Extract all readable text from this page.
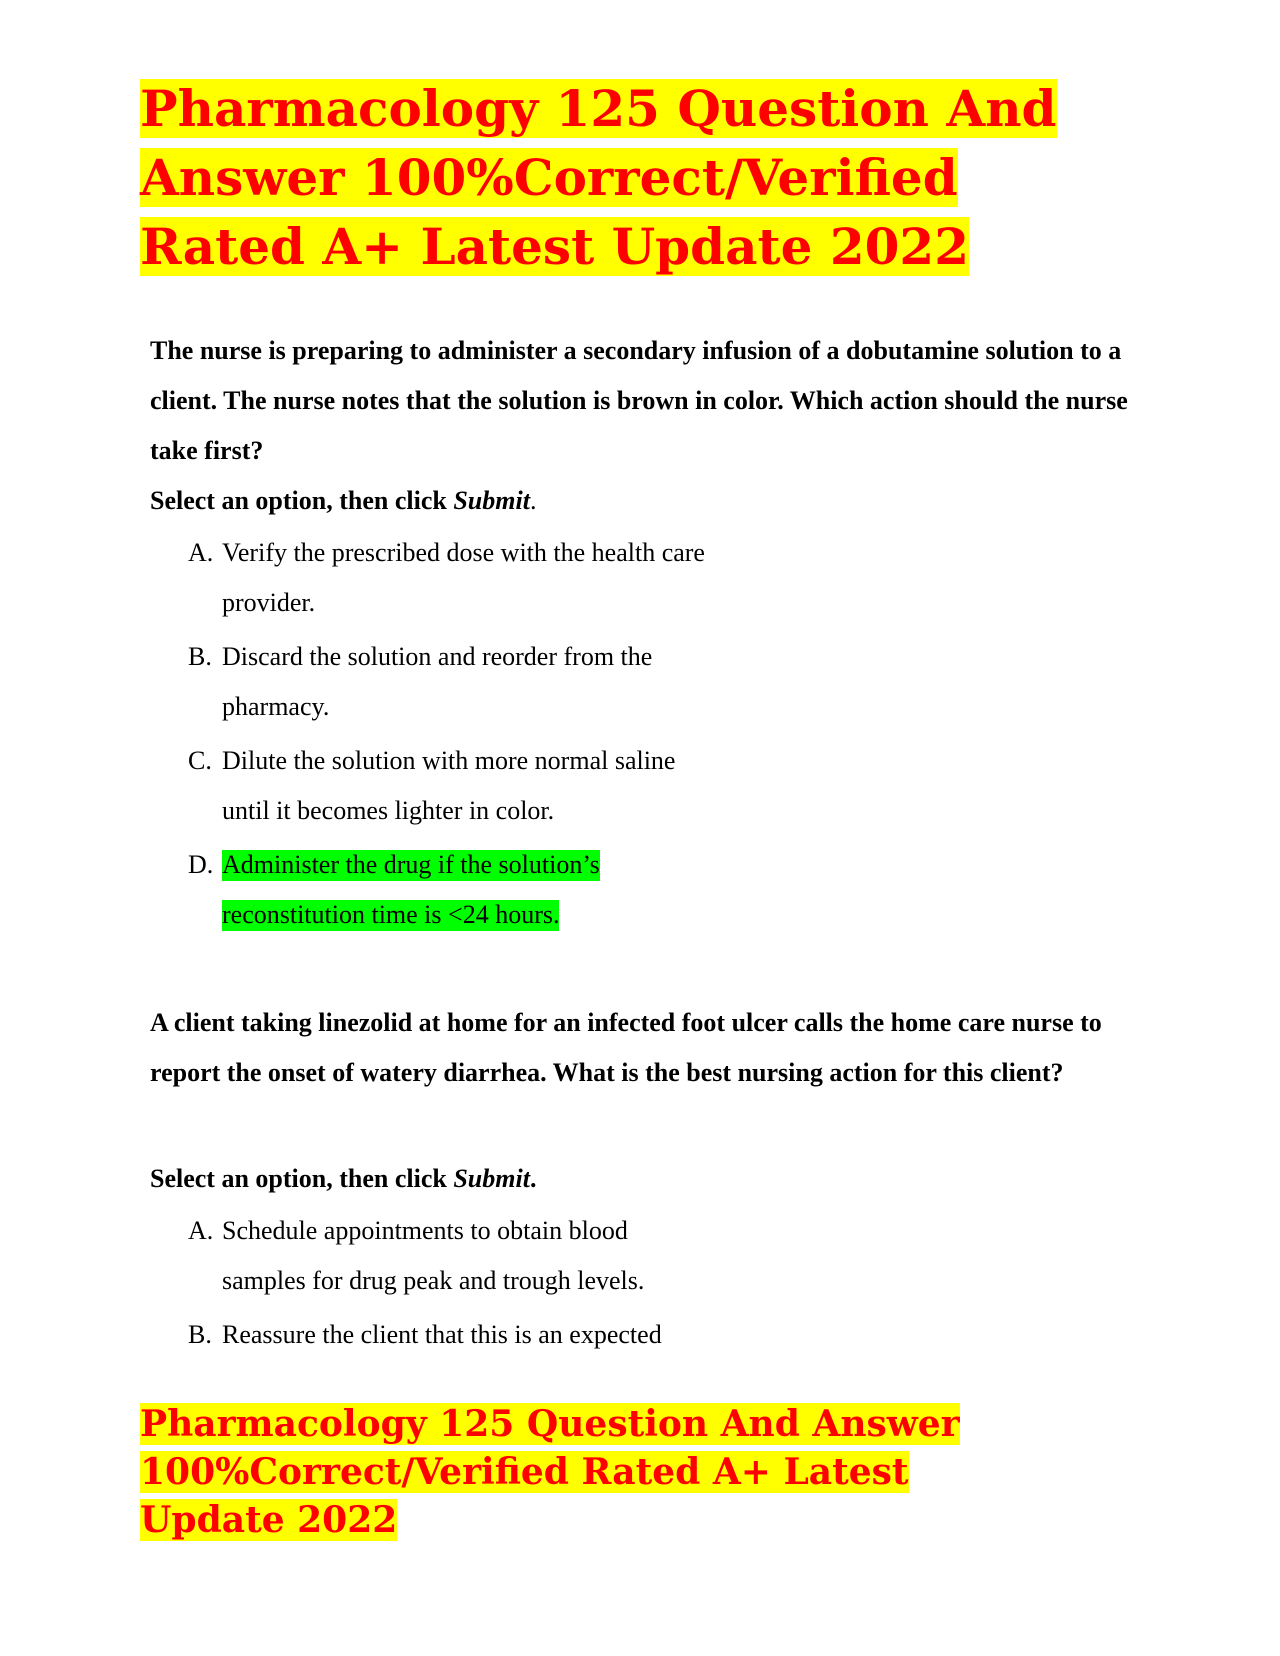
Pharmacology 125 Question And Answer 100%Correct/Verified Rated A+ Latest Update 2022

The nurse is preparing to administer a secondary infusion of a dobutamine solution to a client. The nurse notes that the solution is brown in color. Which action should the nurse take first?

Select an option, then click Submit.

A. Verify the prescribed dose with the health care provider.
B. Discard the solution and reorder from the pharmacy.
C. Dilute the solution with more normal saline until it becomes lighter in color.
D. Administer the drug if the solution’s reconstitution time is <24 hours.

A client taking linezolid at home for an infected foot ulcer calls the home care nurse to report the onset of watery diarrhea. What is the best nursing action for this client?

Select an option, then click Submit.

A. Schedule appointments to obtain blood samples for drug peak and trough levels.
B. Reassure the client that this is an expected
Pharmacology 125 Question And Answer 100%Correct/Verified Rated A+ Latest Update 2022
